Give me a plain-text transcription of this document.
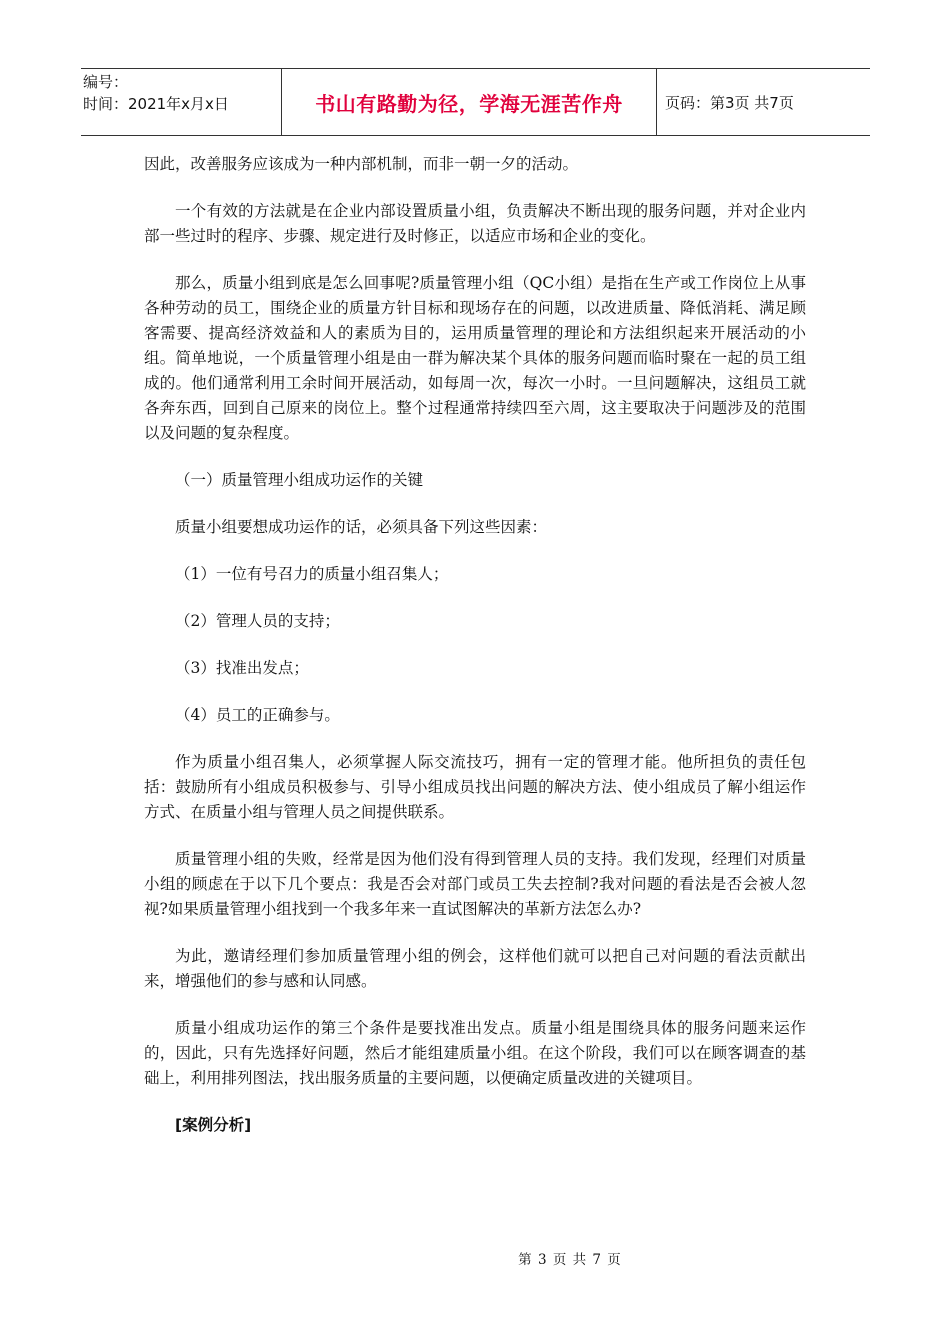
编号：
时间：2021年x月x日	书山有路勤为径，学海无涯苦作舟	页码：第3页 共7页

因此，改善服务应该成为一种内部机制，而非一朝一夕的活动。

一个有效的方法就是在企业内部设置质量小组，负责解决不断出现的服务问题，并对企业内部一些过时的程序、步骤、规定进行及时修正，以适应市场和企业的变化。

那么，质量小组到底是怎么回事呢?质量管理小组（QC小组）是指在生产或工作岗位上从事各种劳动的员工，围绕企业的质量方针目标和现场存在的问题，以改进质量、降低消耗、满足顾客需要、提高经济效益和人的素质为目的，运用质量管理的理论和方法组织起来开展活动的小组。简单地说，一个质量管理小组是由一群为解决某个具体的服务问题而临时聚在一起的员工组成的。他们通常利用工余时间开展活动，如每周一次，每次一小时。一旦问题解决，这组员工就各奔东西，回到自己原来的岗位上。整个过程通常持续四至六周，这主要取决于问题涉及的范围以及问题的复杂程度。

（一）质量管理小组成功运作的关键

质量小组要想成功运作的话，必须具备下列这些因素：

（1）一位有号召力的质量小组召集人；

（2）管理人员的支持；

（3）找准出发点；

（4）员工的正确参与。

作为质量小组召集人，必须掌握人际交流技巧，拥有一定的管理才能。他所担负的责任包括：鼓励所有小组成员积极参与、引导小组成员找出问题的解决方法、使小组成员了解小组运作方式、在质量小组与管理人员之间提供联系。

质量管理小组的失败，经常是因为他们没有得到管理人员的支持。我们发现，经理们对质量小组的顾虑在于以下几个要点：我是否会对部门或员工失去控制?我对问题的看法是否会被人忽视?如果质量管理小组找到一个我多年来一直试图解决的革新方法怎么办?

为此，邀请经理们参加质量管理小组的例会，这样他们就可以把自己对问题的看法贡献出来，增强他们的参与感和认同感。

质量小组成功运作的第三个条件是要找准出发点。质量小组是围绕具体的服务问题来运作的，因此，只有先选择好问题，然后才能组建质量小组。在这个阶段，我们可以在顾客调查的基础上，利用排列图法，找出服务质量的主要问题，以便确定质量改进的关键项目。

[案例分析]

第 3 页 共 7 页
